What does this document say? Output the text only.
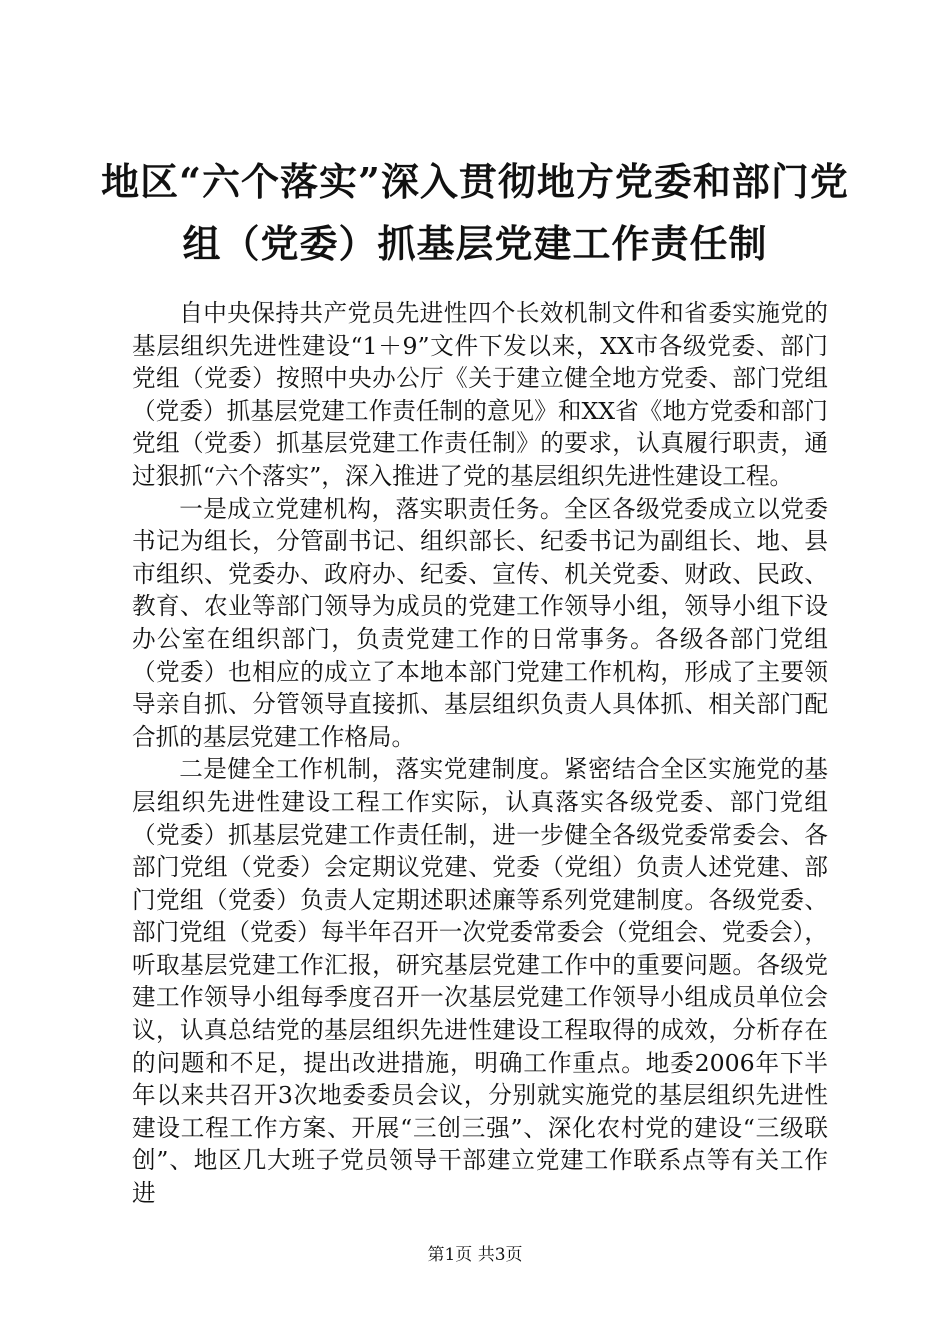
地区“六个落实”深入贯彻地方党委和部门党
组（党委）抓基层党建工作责任制

自中央保持共产党员先进性四个长效机制文件和省委实施党的基层组织先进性建设“1＋9”文件下发以来，XX市各级党委、部门党组（党委）按照中央办公厅《关于建立健全地方党委、部门党组（党委）抓基层党建工作责任制的意见》和XX省《地方党委和部门党组（党委）抓基层党建工作责任制》的要求，认真履行职责，通过狠抓“六个落实”，深入推进了党的基层组织先进性建设工程。

一是成立党建机构，落实职责任务。全区各级党委成立以党委书记为组长，分管副书记、组织部长、纪委书记为副组长、地、县市组织、党委办、政府办、纪委、宣传、机关党委、财政、民政、教育、农业等部门领导为成员的党建工作领导小组，领导小组下设办公室在组织部门，负责党建工作的日常事务。各级各部门党组（党委）也相应的成立了本地本部门党建工作机构，形成了主要领导亲自抓、分管领导直接抓、基层组织负责人具体抓、相关部门配合抓的基层党建工作格局。

二是健全工作机制，落实党建制度。紧密结合全区实施党的基层组织先进性建设工程工作实际，认真落实各级党委、部门党组（党委）抓基层党建工作责任制，进一步健全各级党委常委会、各部门党组（党委）会定期议党建、党委（党组）负责人述党建、部门党组（党委）负责人定期述职述廉等系列党建制度。各级党委、部门党组（党委）每半年召开一次党委常委会（党组会、党委会），听取基层党建工作汇报，研究基层党建工作中的重要问题。各级党建工作领导小组每季度召开一次基层党建工作领导小组成员单位会议，认真总结党的基层组织先进性建设工程取得的成效，分析存在的问题和不足，提出改进措施，明确工作重点。地委2006年下半年以来共召开3次地委委员会议，分别就实施党的基层组织先进性建设工程工作方案、开展“三创三强”、深化农村党的建设“三级联创”、地区几大班子党员领导干部建立党建工作联系点等有关工作进

第1页 共3页
